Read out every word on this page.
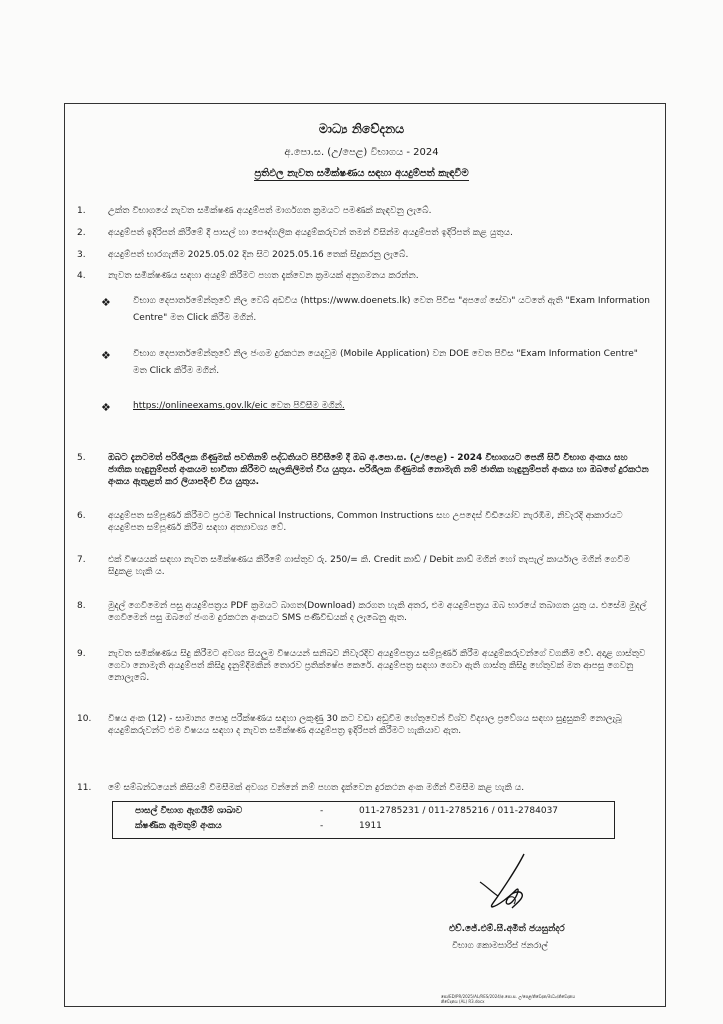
මාධ්‍ය නිවේදනය
අ.පො.ස. (උ/පෙළ) විභාගය - 2024
ප්‍රතිඵල නැවත සමීක්ෂණය සඳහා අයදුම්පත් කැඳවීම
1.	උක්ත විභාගයේ නැවත සමීක්ෂණ අයදුම්පත් මාර්ගගත ක්‍රමයට පමණක් කැඳවනු ලැබේ.
2.	අයදුම්පත් ඉදිරිපත් කිරීමේ දී පාසල් හා පෞද්ගලික අයදුම්කරුවන් තමන් විසින්ම අයදුම්පත් ඉදිරිපත් කළ යුතුය.
3.	අයදුම්පත් භාරගැනීම 2025.05.02 දින සිට 2025.05.16 තෙක් සිදුකරනු ලැබේ.
4.	නැවත සමීක්ෂණය සඳහා අයදුම් කිරීමට පහත දැක්වෙන ක්‍රමයක් අනුගමනය කරන්න.
❖ විභාග දෙපාර්තමේන්තුවේ නිල වෙබ් අඩවිය (https://www.doenets.lk) වෙත පිවිස "අපගේ සේවා" යටතේ ඇති "Exam Information Centre" මත Click කිරීම මගින්.
❖ විභාග දෙපාර්තමේන්තුවේ නිල ජංගම දුරකථන යෙදවුම (Mobile Application) වන DOE වෙත පිවිස "Exam Information Centre" මත Click කිරීම මගින්.
❖ https://onlineexams.gov.lk/eic වෙත පිවිසීම මගින්.
5.	ඔබට දැනටමත් පරිශීලක ගිණුමක් පවතිනම් පද්ධතියට පිවිසීමේ දී ඔබ අ.පො.ස. (උ/පෙළ) - 2024 විභාගයට පෙනී සිටි විභාග අංකය සහ ජාතික හැඳුනුම්පත් අංකයම භාවිතා කිරීමට සැලකිලිමත් විය යුතුය. පරිශීලක ගිණුමක් නොමැති නම් ජාතික හැඳුනුම්පත් අංකය හා ඔබගේ දුරකථන අංකය ඇතුළත් කර ලියාපදිංචි විය යුතුය.
6.	අයදුම්පත සම්පූර්ණ කිරීමට ප්‍රථම Technical Instructions, Common Instructions සහ උපදෙස් වීඩියෝව නැරඹීම, නිවැරදි ආකාරයට අයදුම්පත සම්පූර්ණ කිරීම සඳහා අත්‍යාවශ්‍ය වේ.
7.	එක් විෂයයක් සඳහා නැවත සමීක්ෂණය කිරීමේ ගාස්තුව රු. 250/= කි. Credit කාඩ් / Debit කාඩ් මගින් හෝ තැපැල් කාර්යාල මගින් ගෙවීම සිදුකළ හැකි ය.
8.	මුදල් ගෙවීමෙන් පසු අයදුම්පත්‍රය PDF ක්‍රමයට බාගත(Download) කරගත හැකි අතර, එම අයදුම්පත්‍රය ඔබ භාරයේ තබාගත යුතු ය. එසේම මුදල් ගෙවීමෙන් පසු ඔබගේ ජංගම දුරකථන අංකයට SMS පණිවිඩයක් ද ලැබෙනු ඇත.
9.	නැවත සමීක්ෂණය සිදු කිරීමට අවශ්‍ය සියලුම විෂයයන් සනිඛව නිවැරදිව අයදුම්පත්‍රය සම්පූර්ණ කිරීම අයදුම්කරුවන්ගේ වගකීම වේ. අදාළ ගාස්තුව ගෙවා නොමැති අයදුම්පත් කිසිදු දැනුම්දීමකින් තොරව ප්‍රතික්ෂේප කෙරේ. අයදුම්පත්‍ර සඳහා ගෙවා ඇති ගාස්තු කිසිදු හේතුවක් මත ආපසු ගෙවනු නොලැබේ.
10.	විෂය අංක (12) - සාමාන්‍ය පොදු පරීක්ෂණය සඳහා ලකුණු 30 කට වඩා අඩුවීම හේතුවෙන් විශ්ව විද්‍යාල ප්‍රවේශය සඳහා සුදුසුකම් නොලැබූ අයදුම්කරුවන්ට එම විෂයය සඳහා ද නැවත සමීක්ෂණ අයදුම්පත්‍ර ඉදිරිපත් කිරීමට හැකියාව ඇත.
11.	මේ සම්බන්ධයෙන් කිසියම් විමසීමක් අවශ්‍ය වන්නේ නම් පහත දැක්වෙන දුරකථන අංක මගින් විමසීම කළ හැකි ය.
පාසල් විභාග ඇගයීම් ශාඛාව	-	011-2785231 / 011-2785216 / 011-2784037
ක්ෂණික ඇමතුම් අංකය	-	1911
එච්.ජේ.එම්.සී.අමිත් ජයසුන්දර
විභාග කොමසාරිස් ජනරාල්
පො/ED/PR/2025/AL/RES/2024/අ.පො.ස. උ/පෙළ/නිවේදන/මාධ්‍ය/නිවේදනය
නිවේදනය (AL) R3.docx
